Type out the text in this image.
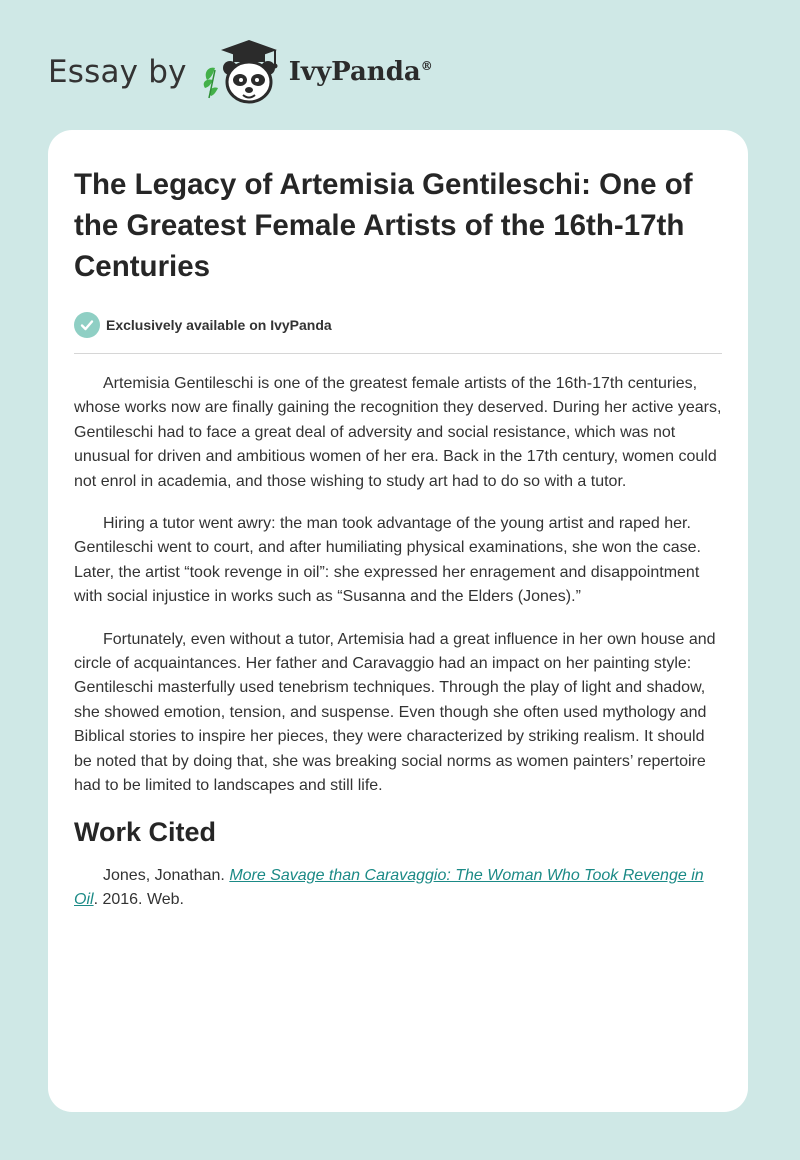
Essay by	IvyPanda®
The Legacy of Artemisia Gentileschi: One of the Greatest Female Artists of the 16th-17th Centuries
Exclusively available on IvyPanda

Artemisia Gentileschi is one of the greatest female artists of the 16th-17th centuries, whose works now are finally gaining the recognition they deserved. During her active years, Gentileschi had to face a great deal of adversity and social resistance, which was not unusual for driven and ambitious women of her era. Back in the 17th century, women could not enrol in academia, and those wishing to study art had to do so with a tutor.

Hiring a tutor went awry: the man took advantage of the young artist and raped her. Gentileschi went to court, and after humiliating physical examinations, she won the case. Later, the artist “took revenge in oil”: she expressed her enragement and disappointment with social injustice in works such as “Susanna and the Elders (Jones).”

Fortunately, even without a tutor, Artemisia had a great influence in her own house and circle of acquaintances. Her father and Caravaggio had an impact on her painting style: Gentileschi masterfully used tenebrism techniques. Through the play of light and shadow, she showed emotion, tension, and suspense. Even though she often used mythology and Biblical stories to inspire her pieces, they were characterized by striking realism. It should be noted that by doing that, she was breaking social norms as women painters’ repertoire had to be limited to landscapes and still life.

Work Cited

Jones, Jonathan. More Savage than Caravaggio: The Woman Who Took Revenge in Oil. 2016. Web.
